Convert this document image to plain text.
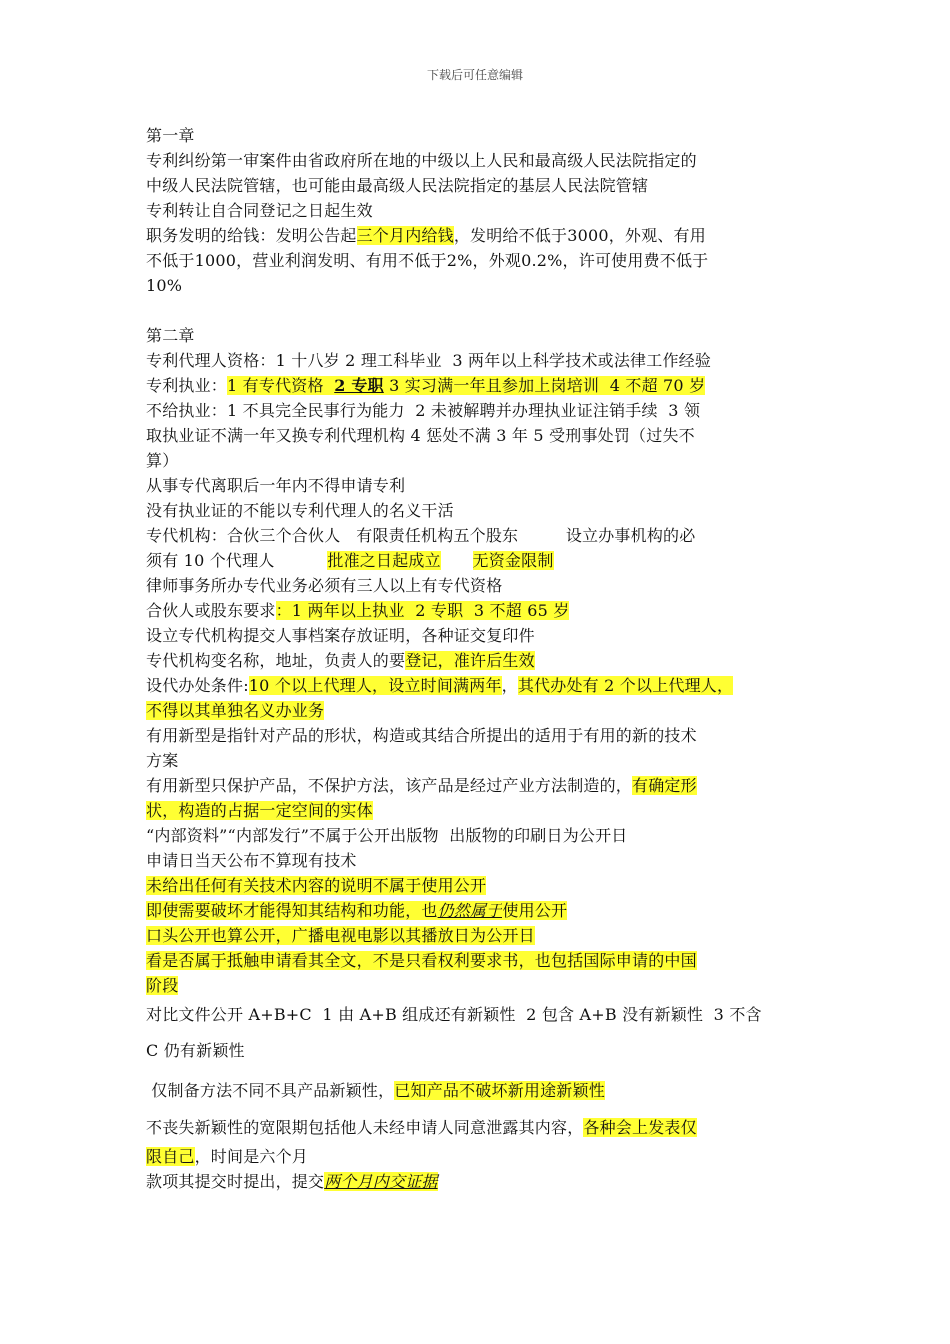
下载后可任意编辑
第一章
专利纠纷第一审案件由省政府所在地的中级以上人民和最高级人民法院指定的
中级人民法院管辖，也可能由最高级人民法院指定的基层人民法院管辖
专利转让自合同登记之日起生效
职务发明的给钱：发明公告起三个月内给钱，发明给不低于3000，外观、有用
不低于1000，营业利润发明、有用不低于2%，外观0.2%，许可使用费不低于
10%
第二章
专利代理人资格：1 十八岁 2 理工科毕业  3 两年以上科学技术或法律工作经验
专利执业：1 有专代资格  2 专职 3 实习满一年且参加上岗培训  4 不超 70 岁
不给执业：1 不具完全民事行为能力  2 未被解聘并办理执业证注销手续  3 领
取执业证不满一年又换专利代理机构 4 惩处不满 3 年 5 受刑事处罚（过失不
算）
从事专代离职后一年内不得申请专利
没有执业证的不能以专利代理人的名义干活
专代机构：合伙三个合伙人   有限责任机构五个股东         设立办事机构的必
须有 10 个代理人          批准之日起成立 无资金限制
律师事务所办专代业务必须有三人以上有专代资格
合伙人或股东要求：1 两年以上执业  2 专职  3 不超 65 岁
设立专代机构提交人事档案存放证明，各种证交复印件
专代机构变名称，地址，负责人的要登记，准许后生效
设代办处条件:10 个以上代理人，设立时间满两年，其代办处有 2 个以上代理人，
不得以其单独名义办业务
有用新型是指针对产品的形状，构造或其结合所提出的适用于有用的新的技术
方案
有用新型只保护产品，不保护方法，该产品是经过产业方法制造的，有确定形
状，构造的占据一定空间的实体
“内部资料”“内部发行”不属于公开出版物  出版物的印刷日为公开日
申请日当天公布不算现有技术
未给出任何有关技术内容的说明不属于使用公开
即使需要破坏才能得知其结构和功能，也仍然属于使用公开
口头公开也算公开，广播电视电影以其播放日为公开日
看是否属于抵触申请看其全文，不是只看权利要求书，也包括国际申请的中国
阶段
对比文件公开 A+B+C  1 由 A+B 组成还有新颖性  2 包含 A+B 没有新颖性  3 不含
C 仍有新颖性
仅制备方法不同不具产品新颖性，已知产品不破坏新用途新颖性
不丧失新颖性的宽限期包括他人未经申请人同意泄露其内容，各种会上发表仅
限自己，时间是六个月
款项其提交时提出，提交两个月内交证据
